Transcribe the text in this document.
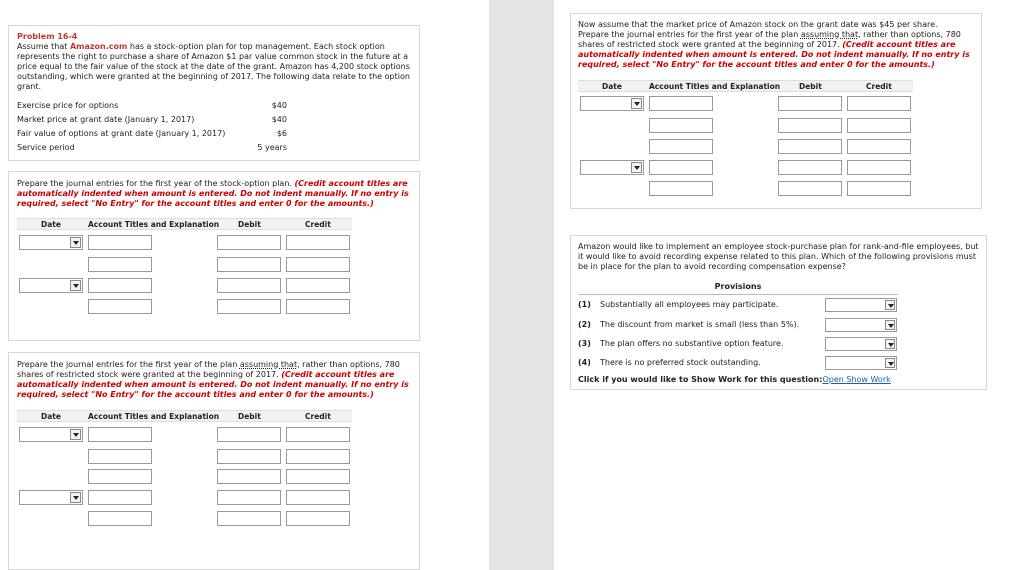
Problem 16-4
Assume that Amazon.com has a stock-option plan for top management. Each stock option represents the right to purchase a share of Amazon $1 par value common stock in the future at a price equal to the fair value of the stock at the date of the grant. Amazon has 4,200 stock options outstanding, which were granted at the beginning of 2017. The following data relate to the option grant.
Exercise price for options	$40
Market price at grant date (January 1, 2017)	$40
Fair value of options at grant date (January 1, 2017)	$6
Service period	5 years
Prepare the journal entries for the first year of the stock-option plan. (Credit account titles are automatically indented when amount is entered. Do not indent manually. If no entry is required, select "No Entry" for the account titles and enter 0 for the amounts.)
Date	Account Titles and Explanation	Debit	Credit
Prepare the journal entries for the first year of the plan assuming that, rather than options, 780 shares of restricted stock were granted at the beginning of 2017. (Credit account titles are automatically indented when amount is entered. Do not indent manually. If no entry is required, select "No Entry" for the account titles and enter 0 for the amounts.)
Date	Account Titles and Explanation	Debit	Credit
Now assume that the market price of Amazon stock on the grant date was $45 per share.
Prepare the journal entries for the first year of the plan assuming that, rather than options, 780 shares of restricted stock were granted at the beginning of 2017. (Credit account titles are automatically indented when amount is entered. Do not indent manually. If no entry is required, select "No Entry" for the account titles and enter 0 for the amounts.)
Date	Account Titles and Explanation	Debit	Credit
Amazon would like to implement an employee stock-purchase plan for rank-and-file employees, but it would like to avoid recording expense related to this plan. Which of the following provisions must be in place for the plan to avoid recording compensation expense?
Provisions
(1) Substantially all employees may participate.
(2) The discount from market is small (less than 5%).
(3) The plan offers no substantive option feature.
(4) There is no preferred stock outstanding.
Click if you would like to Show Work for this question:Open Show Work
